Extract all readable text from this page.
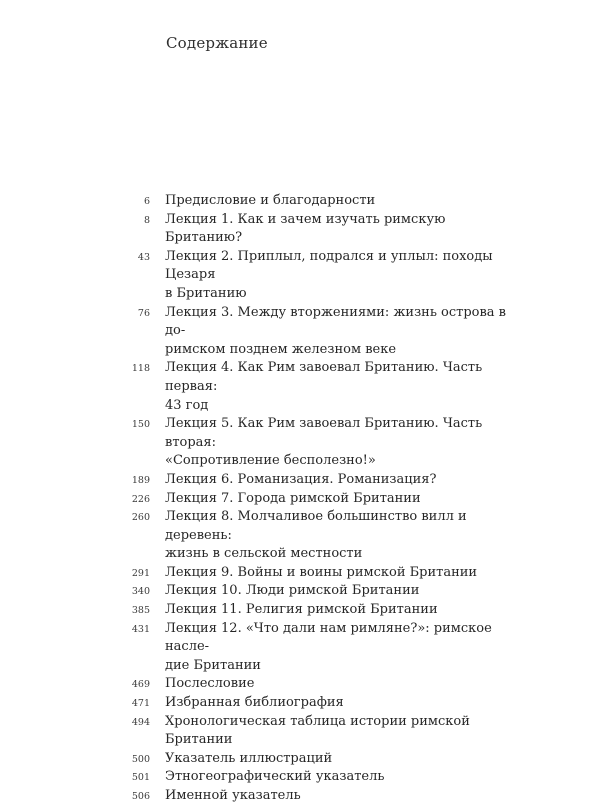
Содержание
6 Предисловие и благодарности
8 Лекция 1. Как и зачем изучать римскую Британию?
43 Лекция 2. Приплыл, подрался и уплыл: походы Цезаря
в Британию
76 Лекция 3. Между вторжениями: жизнь острова в до-
римском позднем железном веке
118 Лекция 4. Как Рим завоевал Британию. Часть первая:
43 год
150 Лекция 5. Как Рим завоевал Британию. Часть вторая:
«Сопротивление бесполезно!»
189 Лекция 6. Романизация. Романизация?
226 Лекция 7. Города римской Британии
260 Лекция 8. Молчаливое большинство вилл и деревень:
жизнь в сельской местности
291 Лекция 9. Войны и воины римской Британии
340 Лекция 10. Люди римской Британии
385 Лекция 11. Религия римской Британии
431 Лекция 12. «Что дали нам римляне?»: римское насле-
дие Британии
469 Послесловие
471 Избранная библиография
494 Хронологическая таблица истории римской Британии
500 Указатель иллюстраций
501 Этногеографический указатель
506 Именной указатель
